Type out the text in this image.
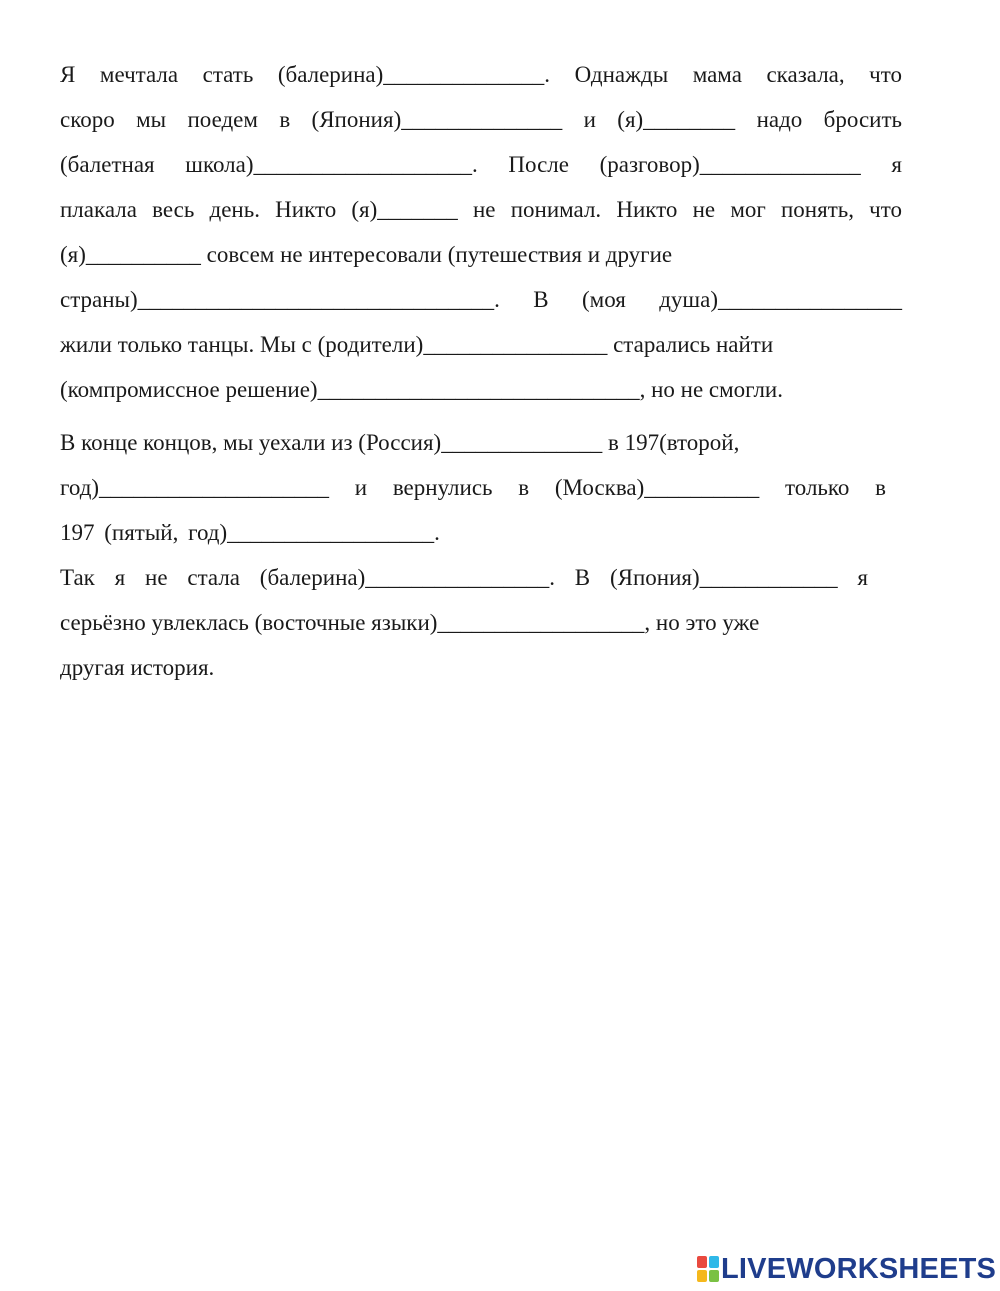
Я мечтала стать (балерина)______________. Однажды мама сказала, что
скоро мы поедем в (Япония)______________ и (я)________ надо бросить
(балетная школа)___________________. После (разговор)______________ я
плакала весь день. Никто (я)_______ не понимал. Никто не мог понять, что
(я)__________ совсем не интересовали (путешествия и другие
страны)_______________________________. В (моя душа)________________
жили только танцы. Мы с (родители)________________ старались найти
(компромиссное решение)____________________________, но не смогли.
В конце концов, мы уехали из (Россия)______________ в 197(второй,
год)____________________ и вернулись в (Москва)__________ только в
197 (пятый, год)__________________.
Так я не стала (балерина)________________. В (Япония)____________ я
серьёзно увлеклась (восточные языки)__________________, но это уже
другая история.
LIVEWORKSHEETS
